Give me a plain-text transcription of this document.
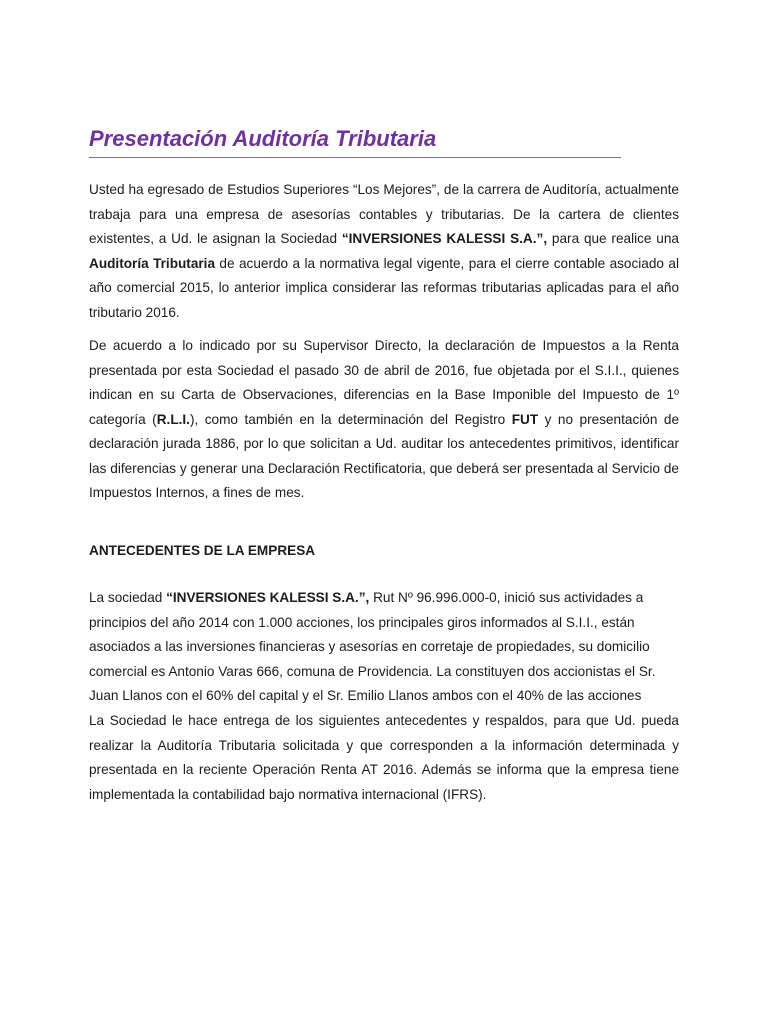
Presentación Auditoría Tributaria

Usted ha egresado de Estudios Superiores “Los Mejores”, de la carrera de Auditoría, actualmente trabaja para una empresa de asesorías contables y tributarias. De la cartera de clientes existentes, a Ud. le asignan la Sociedad “INVERSIONES KALESSI S.A.”, para que realice una Auditoría Tributaria de acuerdo a la normativa legal vigente, para el cierre contable asociado al año comercial 2015, lo anterior implica considerar las reformas tributarias aplicadas para el año tributario 2016.

De acuerdo a lo indicado por su Supervisor Directo, la declaración de Impuestos a la Renta presentada por esta Sociedad el pasado 30 de abril de 2016, fue objetada por el S.I.I., quienes indican en su Carta de Observaciones, diferencias en la Base Imponible del Impuesto de 1º categoría (R.L.I.), como también en la determinación del Registro FUT y no presentación de declaración jurada 1886, por lo que solicitan a Ud. auditar los antecedentes primitivos, identificar las diferencias y generar una Declaración Rectificatoria, que deberá ser presentada al Servicio de Impuestos Internos, a fines de mes.

ANTECEDENTES DE LA EMPRESA

La sociedad “INVERSIONES KALESSI S.A.”, Rut Nº 96.996.000-0, inició sus actividades a principios del año 2014 con 1.000 acciones, los principales giros informados al S.I.I., están asociados a las inversiones financieras y asesorías en corretaje de propiedades, su domicilio comercial es Antonio Varas 666, comuna de Providencia. La constituyen dos accionistas el Sr. Juan Llanos con el 60% del capital y el Sr. Emilio Llanos ambos con el 40% de las acciones

La Sociedad le hace entrega de los siguientes antecedentes y respaldos, para que Ud. pueda realizar la Auditoría Tributaria solicitada y que corresponden a la información determinada y presentada en la reciente Operación Renta AT 2016. Además se informa que la empresa tiene implementada la contabilidad bajo normativa internacional (IFRS).
